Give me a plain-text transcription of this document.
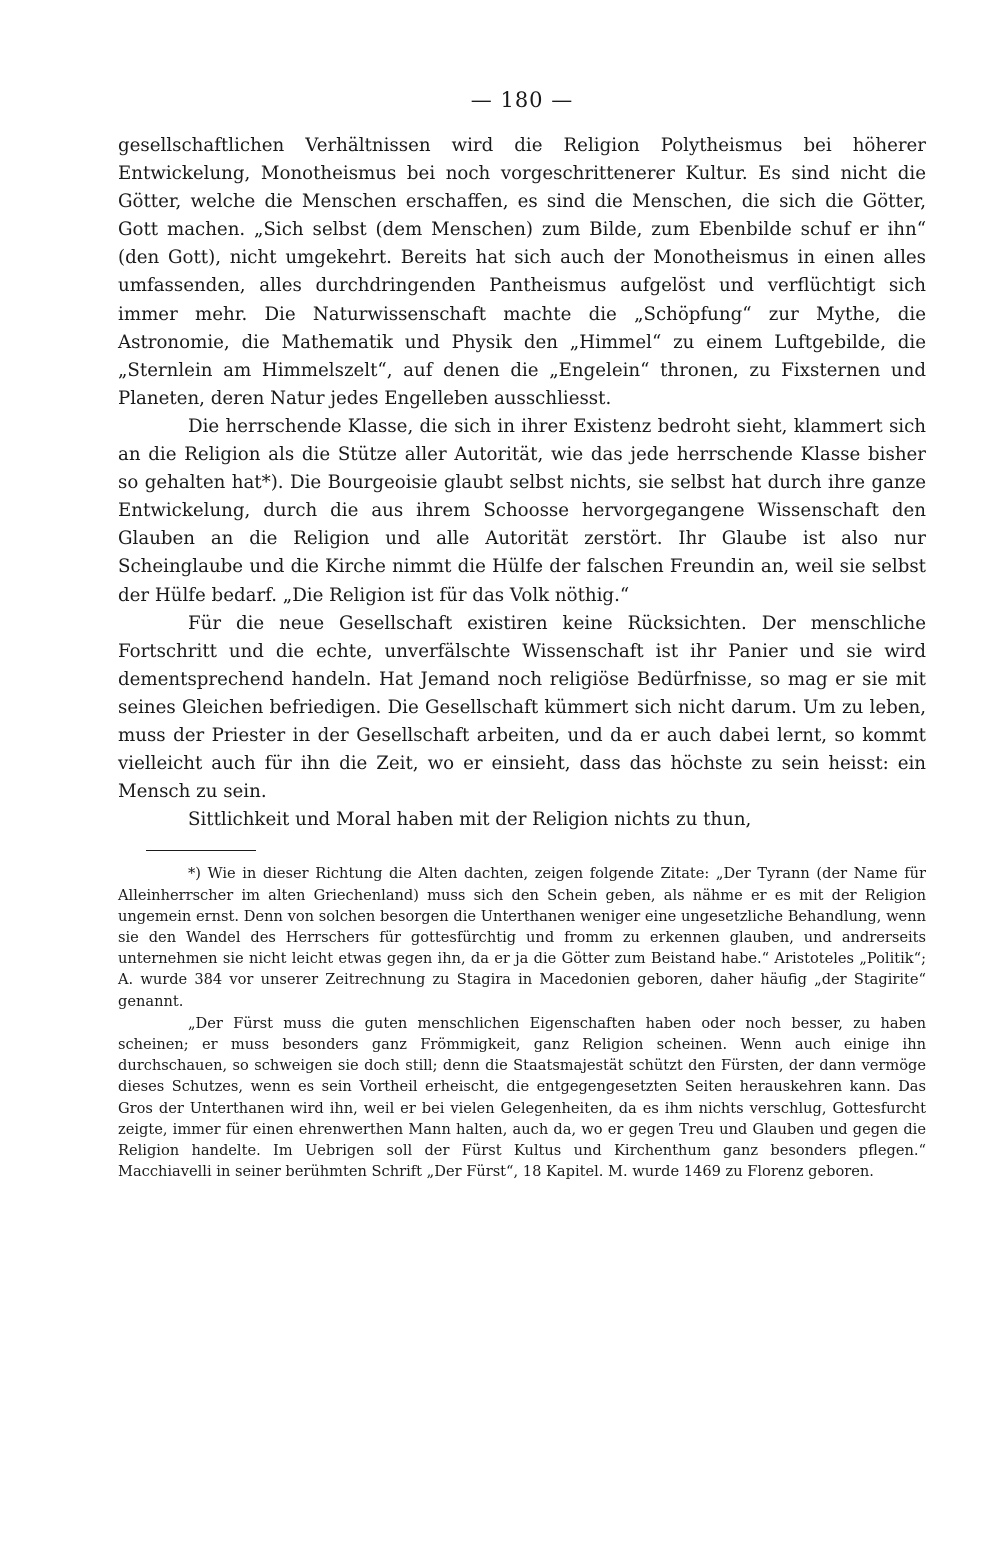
— 180 —

gesellschaftlichen Verhältnissen wird die Religion Polytheismus bei höherer Entwickelung, Monotheismus bei noch vorgeschrittenerer Kultur. Es sind nicht die Götter, welche die Menschen erschaffen, es sind die Menschen, die sich die Götter, Gott machen. „Sich selbst (dem Menschen) zum Bilde, zum Ebenbilde schuf er ihn“ (den Gott), nicht umgekehrt. Bereits hat sich auch der Monotheismus in einen alles umfassenden, alles durchdringenden Pantheismus aufgelöst und verflüchtigt sich immer mehr. Die Naturwissenschaft machte die „Schöpfung“ zur Mythe, die Astronomie, die Mathematik und Physik den „Himmel“ zu einem Luftgebilde, die „Sternlein am Himmelszelt“, auf denen die „Engelein“ thronen, zu Fixsternen und Planeten, deren Natur jedes Engelleben ausschliesst.

Die herrschende Klasse, die sich in ihrer Existenz bedroht sieht, klammert sich an die Religion als die Stütze aller Autorität, wie das jede herrschende Klasse bisher so gehalten hat*). Die Bourgeoisie glaubt selbst nichts, sie selbst hat durch ihre ganze Entwickelung, durch die aus ihrem Schoosse hervorgegangene Wissenschaft den Glauben an die Religion und alle Autorität zerstört. Ihr Glaube ist also nur Scheinglaube und die Kirche nimmt die Hülfe der falschen Freundin an, weil sie selbst der Hülfe bedarf. „Die Religion ist für das Volk nöthig.“

Für die neue Gesellschaft existiren keine Rücksichten. Der menschliche Fortschritt und die echte, unverfälschte Wissenschaft ist ihr Panier und sie wird dementsprechend handeln. Hat Jemand noch religiöse Bedürfnisse, so mag er sie mit seines Gleichen befriedigen. Die Gesellschaft kümmert sich nicht darum. Um zu leben, muss der Priester in der Gesellschaft arbeiten, und da er auch dabei lernt, so kommt vielleicht auch für ihn die Zeit, wo er einsieht, dass das höchste zu sein heisst: ein Mensch zu sein.

Sittlichkeit und Moral haben mit der Religion nichts zu thun,

*) Wie in dieser Richtung die Alten dachten, zeigen folgende Zitate: „Der Tyrann (der Name für Alleinherrscher im alten Griechenland) muss sich den Schein geben, als nähme er es mit der Religion ungemein ernst. Denn von solchen besorgen die Unterthanen weniger eine ungesetzliche Behandlung, wenn sie den Wandel des Herrschers für gottesfürchtig und fromm zu erkennen glauben, und andrerseits unternehmen sie nicht leicht etwas gegen ihn, da er ja die Götter zum Beistand habe.“ Aristoteles „Politik“; A. wurde 384 vor unserer Zeitrechnung zu Stagira in Macedonien geboren, daher häufig „der Stagirite“ genannt.

„Der Fürst muss die guten menschlichen Eigenschaften haben oder noch besser, zu haben scheinen; er muss besonders ganz Frömmigkeit, ganz Religion scheinen. Wenn auch einige ihn durchschauen, so schweigen sie doch still; denn die Staatsmajestät schützt den Fürsten, der dann vermöge dieses Schutzes, wenn es sein Vortheil erheischt, die entgegengesetzten Seiten herauskehren kann. Das Gros der Unterthanen wird ihn, weil er bei vielen Gelegenheiten, da es ihm nichts verschlug, Gottesfurcht zeigte, immer für einen ehrenwerthen Mann halten, auch da, wo er gegen Treu und Glauben und gegen die Religion handelte. Im Uebrigen soll der Fürst Kultus und Kirchenthum ganz besonders pflegen.“ Macchiavelli in seiner berühmten Schrift „Der Fürst“, 18 Kapitel. M. wurde 1469 zu Florenz geboren.
